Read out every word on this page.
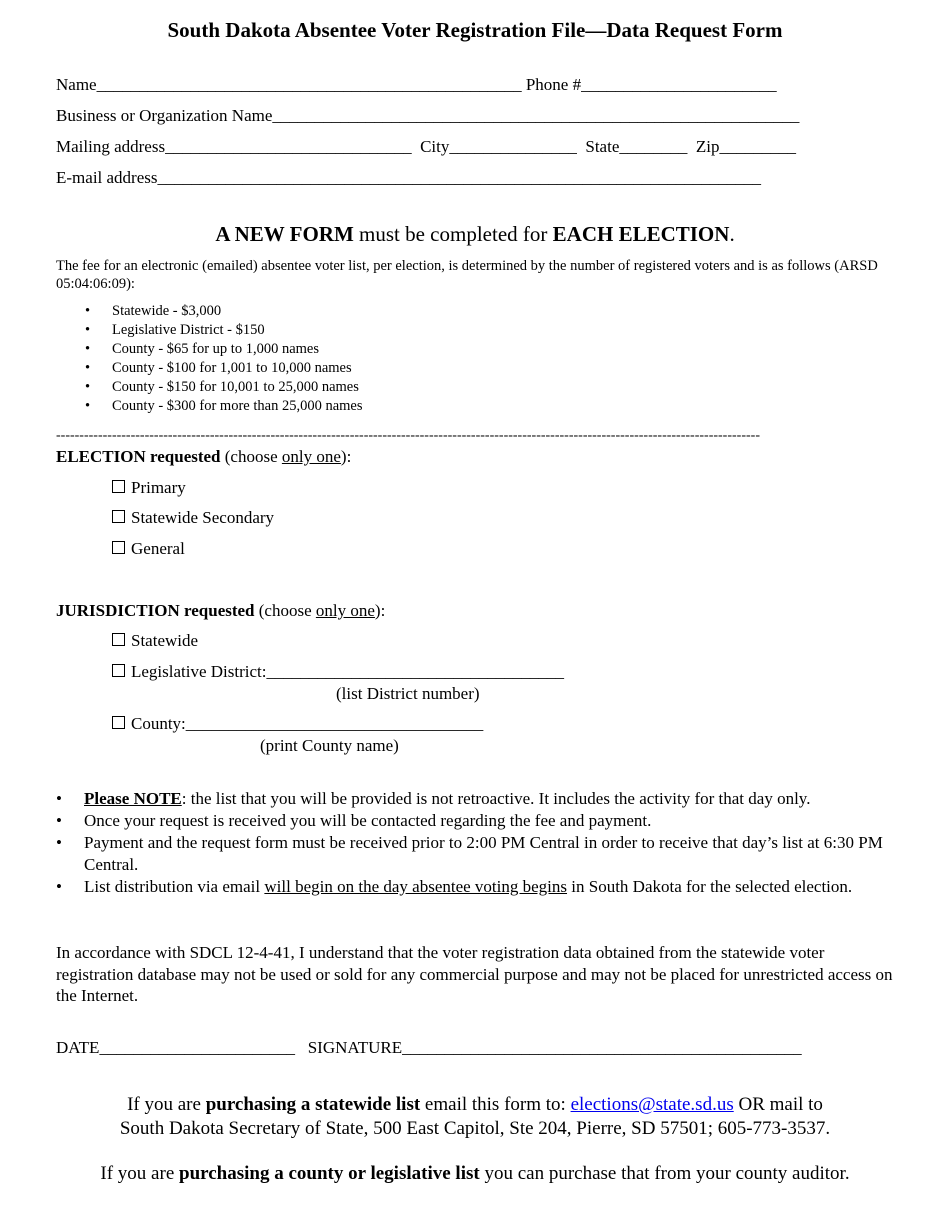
South Dakota Absentee Voter Registration File—Data Request Form
Name__________________________________________________ Phone #_______________________
Business or Organization Name______________________________________________________________
Mailing address_____________________________ City_______________ State________ Zip_________
E-mail address_______________________________________________________________________
A NEW FORM must be completed for EACH ELECTION.
The fee for an electronic (emailed) absentee voter list, per election, is determined by the number of registered voters and is as follows (ARSD 05:04:06:09):
• Statewide - $3,000
• Legislative District - $150
• County - $65 for up to 1,000 names
• County - $100 for 1,001 to 10,000 names
• County - $150 for 10,001 to 25,000 names
• County - $300 for more than 25,000 names
-------------------------------------------------------------------------------------------------------------------------------------------------------
ELECTION requested (choose only one):
Primary
Statewide Secondary
General
JURISDICTION requested (choose only one):
Statewide
Legislative District:___________________________________
(list District number)
County:___________________________________
(print County name)
• Please NOTE: the list that you will be provided is not retroactive. It includes the activity for that day only.
• Once your request is received you will be contacted regarding the fee and payment.
• Payment and the request form must be received prior to 2:00 PM Central in order to receive that day’s list at 6:30 PM Central.
• List distribution via email will begin on the day absentee voting begins in South Dakota for the selected election.
In accordance with SDCL 12-4-41, I understand that the voter registration data obtained from the statewide voter registration database may not be used or sold for any commercial purpose and may not be placed for unrestricted access on the Internet.
DATE_______________________ SIGNATURE_______________________________________________
If you are purchasing a statewide list email this form to: elections@state.sd.us OR mail to
South Dakota Secretary of State, 500 East Capitol, Ste 204, Pierre, SD 57501; 605-773-3537.
If you are purchasing a county or legislative list you can purchase that from your county auditor.
